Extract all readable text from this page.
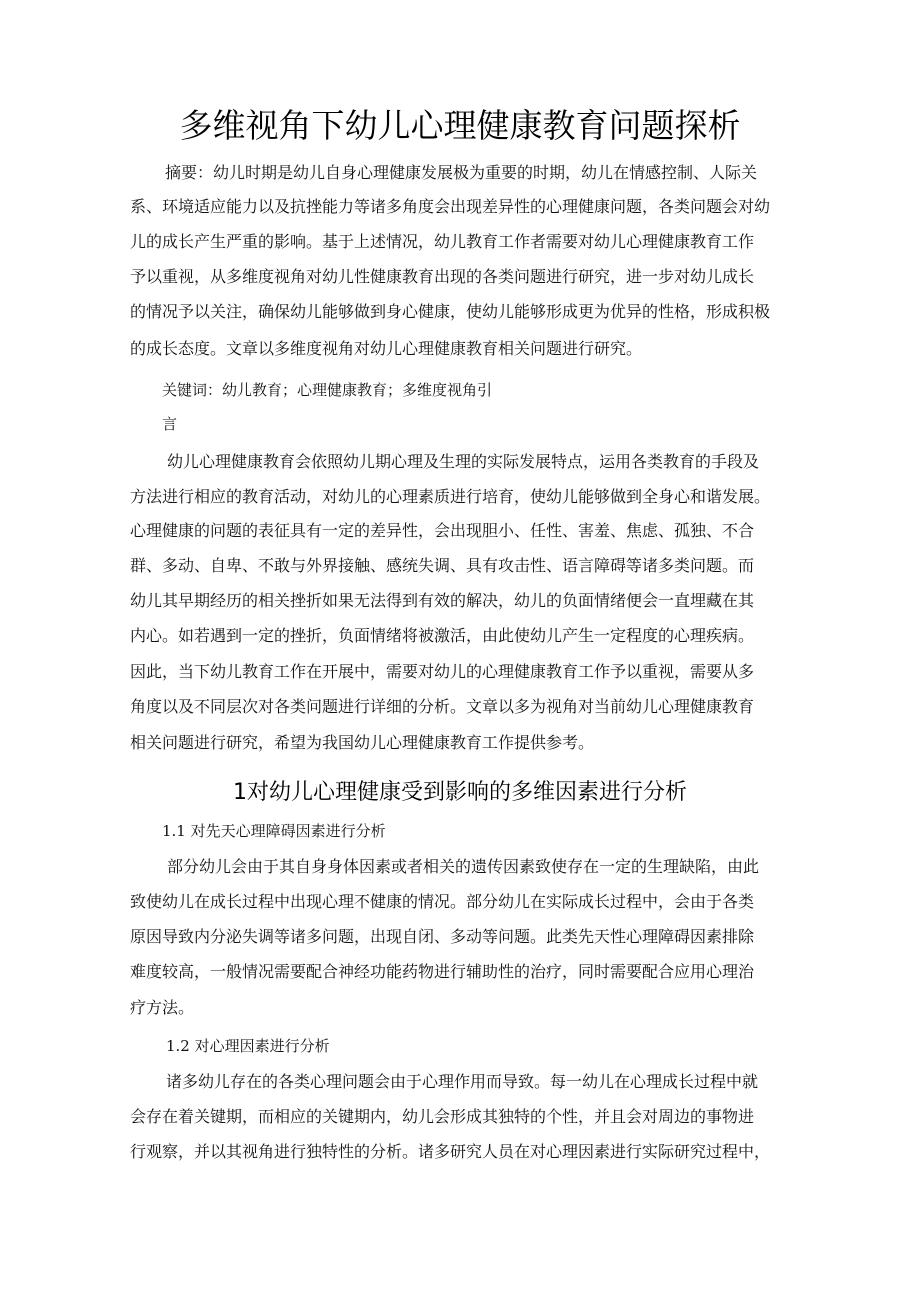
多维视角下幼儿心理健康教育问题探析
摘要：幼儿时期是幼儿自身心理健康发展极为重要的时期，幼儿在情感控制、人际关
系、环境适应能力以及抗挫能力等诸多角度会出现差异性的心理健康问题，各类问题会对幼
儿的成长产生严重的影响。基于上述情况，幼儿教育工作者需要对幼儿心理健康教育工作
予以重视，从多维度视角对幼儿性健康教育出现的各类问题进行研究，进一步对幼儿成长
的情况予以关注，确保幼儿能够做到身心健康，使幼儿能够形成更为优异的性格，形成积极
的成长态度。文章以多维度视角对幼儿心理健康教育相关问题进行研究。
关键词：幼儿教育；心理健康教育；多维度视角引
言
幼儿心理健康教育会依照幼儿期心理及生理的实际发展特点，运用各类教育的手段及
方法进行相应的教育活动，对幼儿的心理素质进行培育，使幼儿能够做到全身心和谐发展。
心理健康的问题的表征具有一定的差异性，会出现胆小、任性、害羞、焦虑、孤独、不合
群、多动、自卑、不敢与外界接触、感统失调、具有攻击性、语言障碍等诸多类问题。而
幼儿其早期经历的相关挫折如果无法得到有效的解决，幼儿的负面情绪便会一直埋藏在其
内心。如若遇到一定的挫折，负面情绪将被激活，由此使幼儿产生一定程度的心理疾病。
因此，当下幼儿教育工作在开展中，需要对幼儿的心理健康教育工作予以重视，需要从多
角度以及不同层次对各类问题进行详细的分析。文章以多为视角对当前幼儿心理健康教育
相关问题进行研究，希望为我国幼儿心理健康教育工作提供参考。
1对幼儿心理健康受到影响的多维因素进行分析
1.1 对先天心理障碍因素进行分析
部分幼儿会由于其自身身体因素或者相关的遗传因素致使存在一定的生理缺陷，由此
致使幼儿在成长过程中出现心理不健康的情况。部分幼儿在实际成长过程中，会由于各类
原因导致内分泌失调等诸多问题，出现自闭、多动等问题。此类先天性心理障碍因素排除
难度较高，一般情况需要配合神经功能药物进行辅助性的治疗，同时需要配合应用心理治
疗方法。
1.2 对心理因素进行分析
诸多幼儿存在的各类心理问题会由于心理作用而导致。每一幼儿在心理成长过程中就
会存在着关键期，而相应的关键期内，幼儿会形成其独特的个性，并且会对周边的事物进
行观察，并以其视角进行独特性的分析。诸多研究人员在对心理因素进行实际研究过程中，
